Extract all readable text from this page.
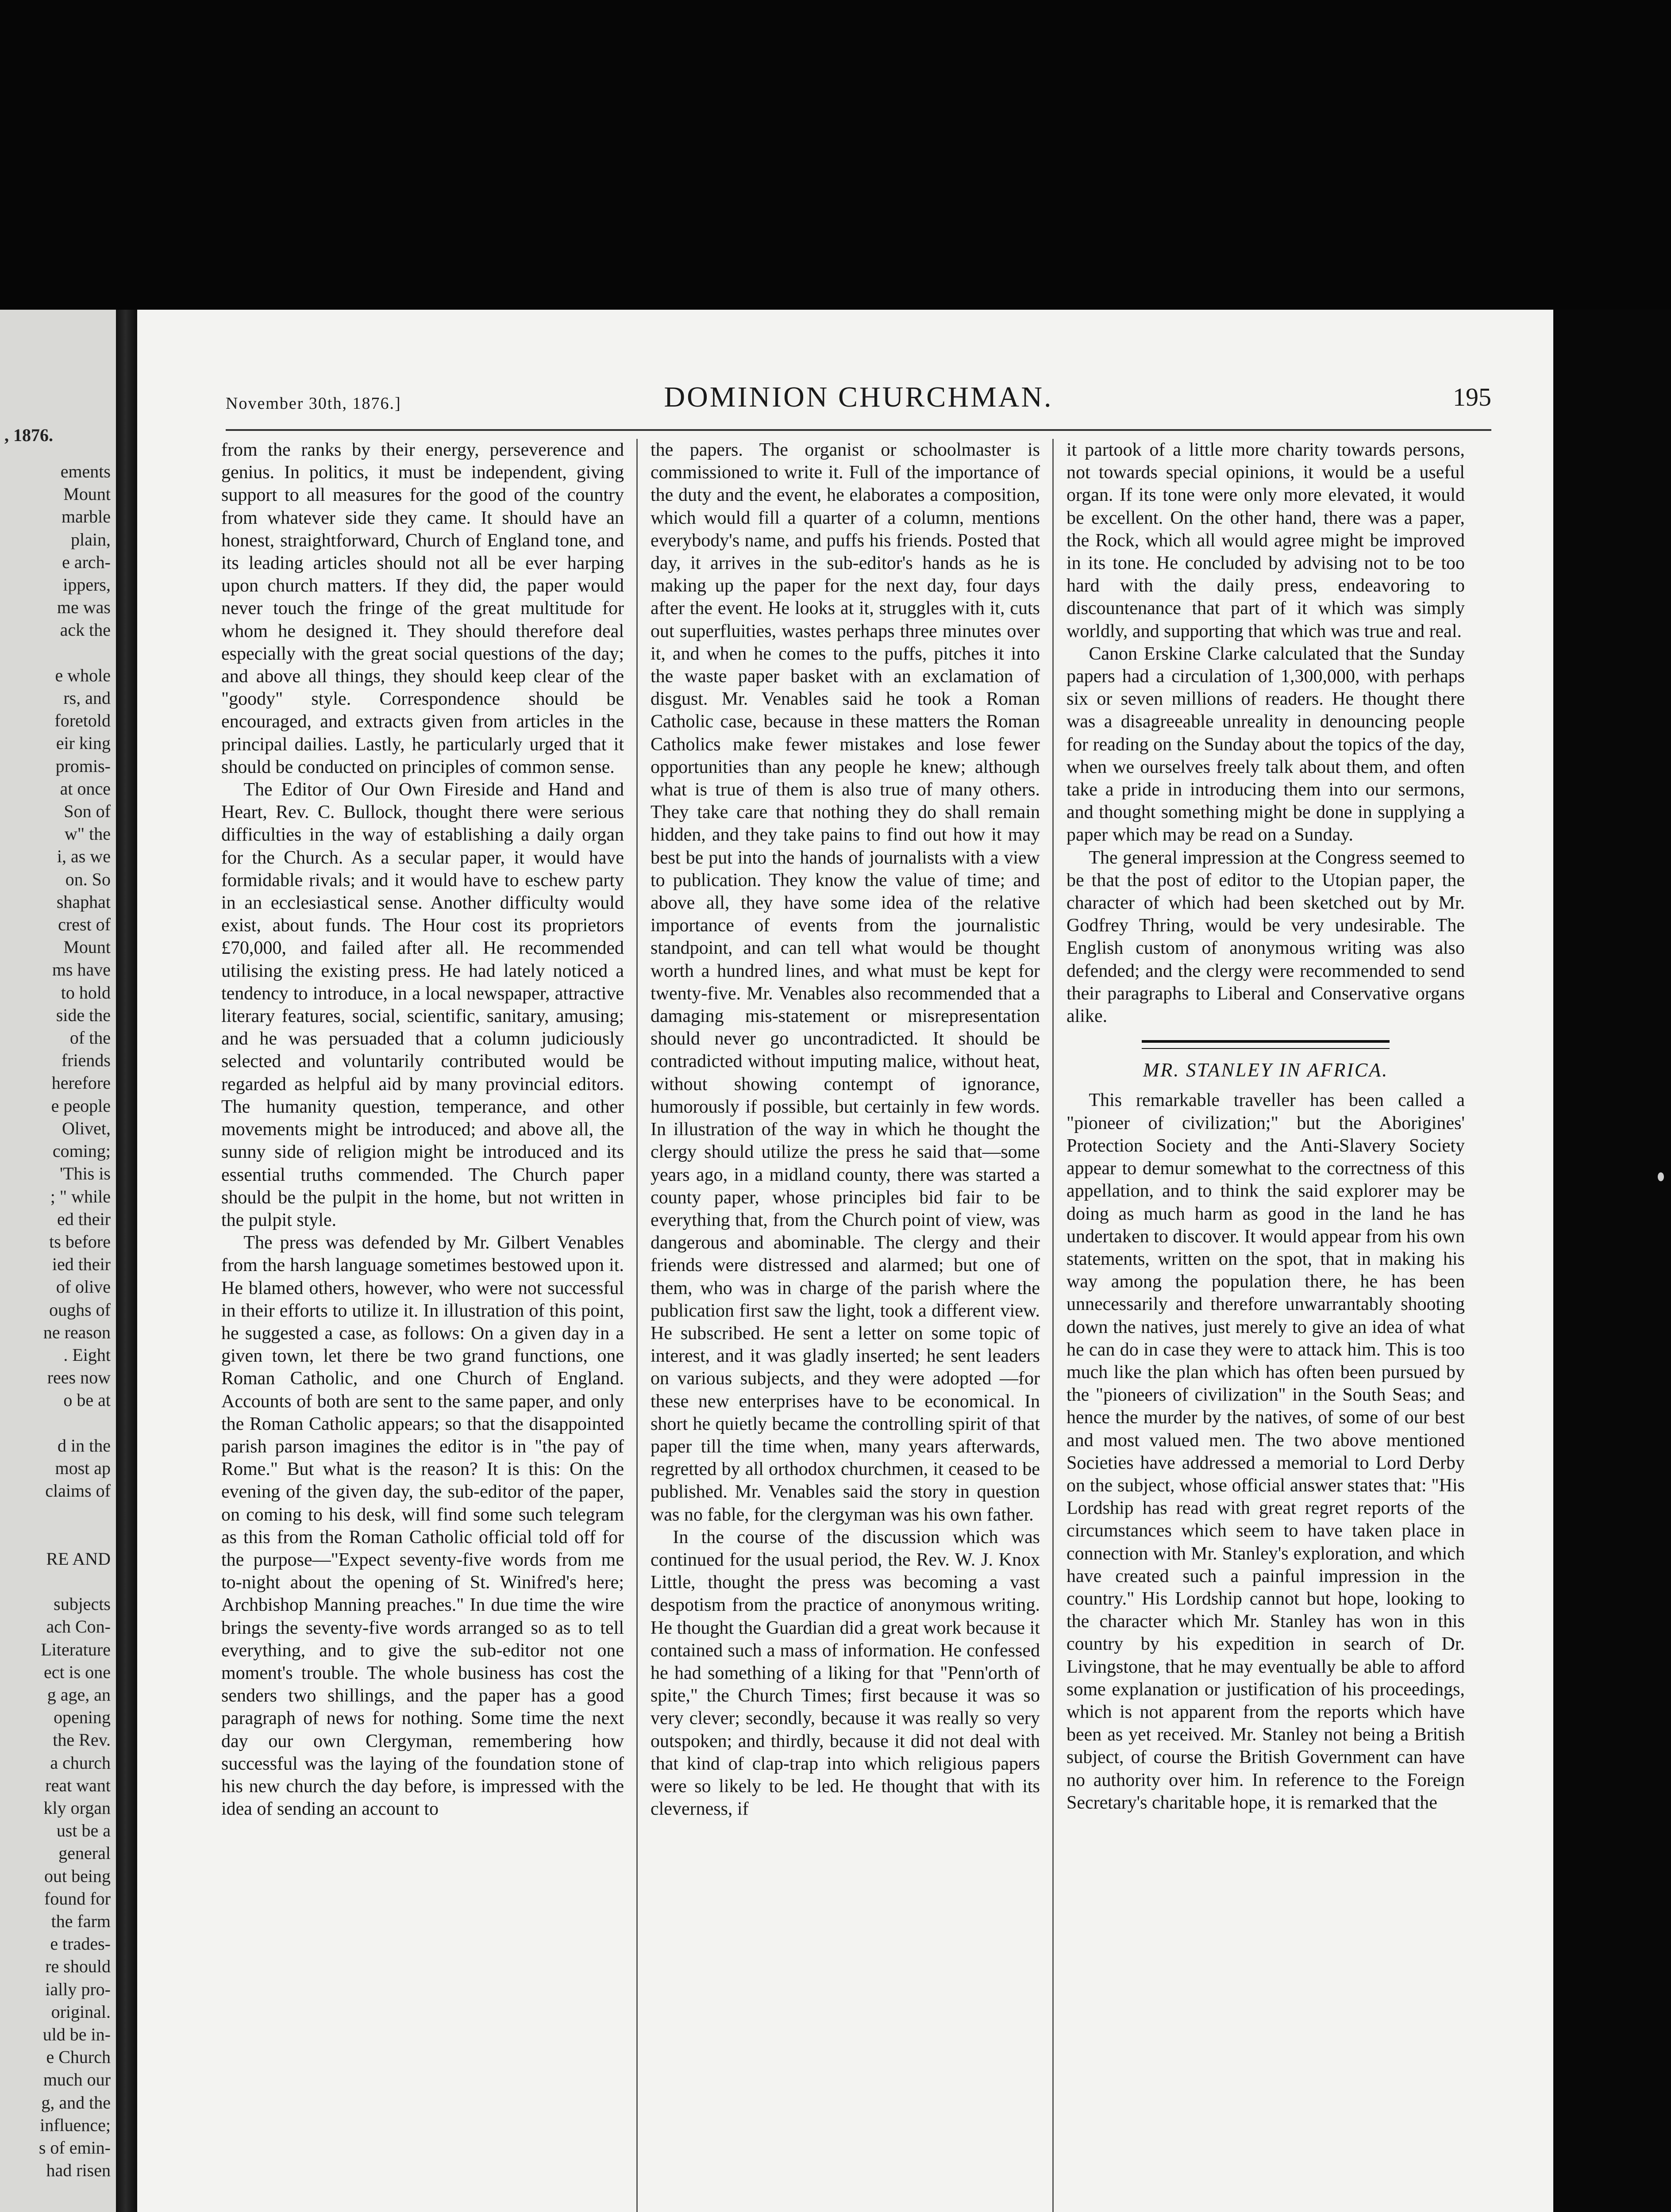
, 1876.
ements
Mount
marble
plain,
e arch-
ippers,
me was
ack the

e whole
rs, and
foretold
eir king
promis-
at once
Son of
w" the
i, as we
on. So
shaphat
crest of
Mount
ms have
to hold
side the
of the
friends
herefore
e people
Olivet,
coming;
'This is
; " while
ed their
ts before
ied their
of olive
oughs of
ne reason
. Eight
rees now
o be at

d in the
most ap
claims of

RE AND

subjects
ach Con-
Literature
ect is one
g age, an
opening
the Rev.
a church
reat want
kly organ
ust be a
general
out being
found for
the farm
e trades-
re should
ially pro-
original.
uld be in-
e Church
much our
g, and the
influence;
s of emin-
had risen
November 30th, 1876.]	DOMINION CHURCHMAN.	195

from the ranks by their energy, perseverence and genius. In politics, it must be independent, giving support to all measures for the good of the country from whatever side they came. It should have an honest, straightforward, Church of England tone, and its leading articles should not all be ever harping upon church matters. If they did, the paper would never touch the fringe of the great multitude for whom he designed it. They should therefore deal especially with the great social questions of the day; and above all things, they should keep clear of the "goody" style. Correspondence should be encouraged, and extracts given from articles in the principal dailies. Lastly, he particularly urged that it should be conducted on principles of common sense.

The Editor of Our Own Fireside and Hand and Heart, Rev. C. Bullock, thought there were serious difficulties in the way of establishing a daily organ for the Church. As a secular paper, it would have formidable rivals; and it would have to eschew party in an ecclesiastical sense. Another difficulty would exist, about funds. The Hour cost its proprietors £70,000, and failed after all. He recommended utilising the existing press. He had lately noticed a tendency to introduce, in a local newspaper, attractive literary features, social, scientific, sanitary, amusing; and he was persuaded that a column judiciously selected and voluntarily contributed would be regarded as helpful aid by many provincial editors. The humanity question, temperance, and other movements might be introduced; and above all, the sunny side of religion might be introduced and its essential truths commended. The Church paper should be the pulpit in the home, but not written in the pulpit style.

The press was defended by Mr. Gilbert Venables from the harsh language sometimes bestowed upon it. He blamed others, however, who were not successful in their efforts to utilize it. In illustration of this point, he suggested a case, as follows: On a given day in a given town, let there be two grand functions, one Roman Catholic, and one Church of England. Accounts of both are sent to the same paper, and only the Roman Catholic appears; so that the disappointed parish parson imagines the editor is in "the pay of Rome." But what is the reason? It is this: On the evening of the given day, the sub-editor of the paper, on coming to his desk, will find some such telegram as this from the Roman Catholic official told off for the purpose—"Expect seventy-five words from me to-night about the opening of St. Winifred's here; Archbishop Manning preaches." In due time the wire brings the seventy-five words arranged so as to tell everything, and to give the sub-editor not one moment's trouble. The whole business has cost the senders two shillings, and the paper has a good paragraph of news for nothing. Some time the next day our own Clergyman, remembering how successful was the laying of the foundation stone of his new church the day before, is impressed with the idea of sending an account to

the papers. The organist or schoolmaster is commissioned to write it. Full of the importance of the duty and the event, he elaborates a composition, which would fill a quarter of a column, mentions everybody's name, and puffs his friends. Posted that day, it arrives in the sub-editor's hands as he is making up the paper for the next day, four days after the event. He looks at it, struggles with it, cuts out superfluities, wastes perhaps three minutes over it, and when he comes to the puffs, pitches it into the waste paper basket with an exclamation of disgust. Mr. Venables said he took a Roman Catholic case, because in these matters the Roman Catholics make fewer mistakes and lose fewer opportunities than any people he knew; although what is true of them is also true of many others. They take care that nothing they do shall remain hidden, and they take pains to find out how it may best be put into the hands of journalists with a view to publication. They know the value of time; and above all, they have some idea of the relative importance of events from the journalistic standpoint, and can tell what would be thought worth a hundred lines, and what must be kept for twenty-five. Mr. Venables also recommended that a damaging mis-statement or misrepresentation should never go uncontradicted. It should be contradicted without imputing malice, without heat, without showing contempt of ignorance, humorously if possible, but certainly in few words. In illustration of the way in which he thought the clergy should utilize the press he said that—some years ago, in a midland county, there was started a county paper, whose principles bid fair to be everything that, from the Church point of view, was dangerous and abominable. The clergy and their friends were distressed and alarmed; but one of them, who was in charge of the parish where the publication first saw the light, took a different view. He subscribed. He sent a letter on some topic of interest, and it was gladly inserted; he sent leaders on various subjects, and they were adopted —for these new enterprises have to be economical. In short he quietly became the controlling spirit of that paper till the time when, many years afterwards, regretted by all orthodox churchmen, it ceased to be published. Mr. Venables said the story in question was no fable, for the clergyman was his own father.

In the course of the discussion which was continued for the usual period, the Rev. W. J. Knox Little, thought the press was becoming a vast despotism from the practice of anonymous writing. He thought the Guardian did a great work because it contained such a mass of information. He confessed he had something of a liking for that "Penn'orth of spite," the Church Times; first because it was so very clever; secondly, because it was really so very outspoken; and thirdly, because it did not deal with that kind of clap-trap into which religious papers were so likely to be led. He thought that with its cleverness, if

it partook of a little more charity towards persons, not towards special opinions, it would be a useful organ. If its tone were only more elevated, it would be excellent. On the other hand, there was a paper, the Rock, which all would agree might be improved in its tone. He concluded by advising not to be too hard with the daily press, endeavoring to discountenance that part of it which was simply worldly, and supporting that which was true and real.

Canon Erskine Clarke calculated that the Sunday papers had a circulation of 1,300,000, with perhaps six or seven millions of readers. He thought there was a disagreeable unreality in denouncing people for reading on the Sunday about the topics of the day, when we ourselves freely talk about them, and often take a pride in introducing them into our sermons, and thought something might be done in supplying a paper which may be read on a Sunday.

The general impression at the Congress seemed to be that the post of editor to the Utopian paper, the character of which had been sketched out by Mr. Godfrey Thring, would be very undesirable. The English custom of anonymous writing was also defended; and the clergy were recommended to send their paragraphs to Liberal and Conservative organs alike.

MR. STANLEY IN AFRICA.

This remarkable traveller has been called a "pioneer of civilization;" but the Aborigines' Protection Society and the Anti-Slavery Society appear to demur somewhat to the correctness of this appellation, and to think the said explorer may be doing as much harm as good in the land he has undertaken to discover. It would appear from his own statements, written on the spot, that in making his way among the population there, he has been unnecessarily and therefore unwarrantably shooting down the natives, just merely to give an idea of what he can do in case they were to attack him. This is too much like the plan which has often been pursued by the "pioneers of civilization" in the South Seas; and hence the murder by the natives, of some of our best and most valued men. The two above mentioned Societies have addressed a memorial to Lord Derby on the subject, whose official answer states that: "His Lordship has read with great regret reports of the circumstances which seem to have taken place in connection with Mr. Stanley's exploration, and which have created such a painful impression in the country." His Lordship cannot but hope, looking to the character which Mr. Stanley has won in this country by his expedition in search of Dr. Livingstone, that he may eventually be able to afford some explanation or justification of his proceedings, which is not apparent from the reports which have been as yet received. Mr. Stanley not being a British subject, of course the British Government can have no authority over him. In reference to the Foreign Secretary's charitable hope, it is remarked that the
